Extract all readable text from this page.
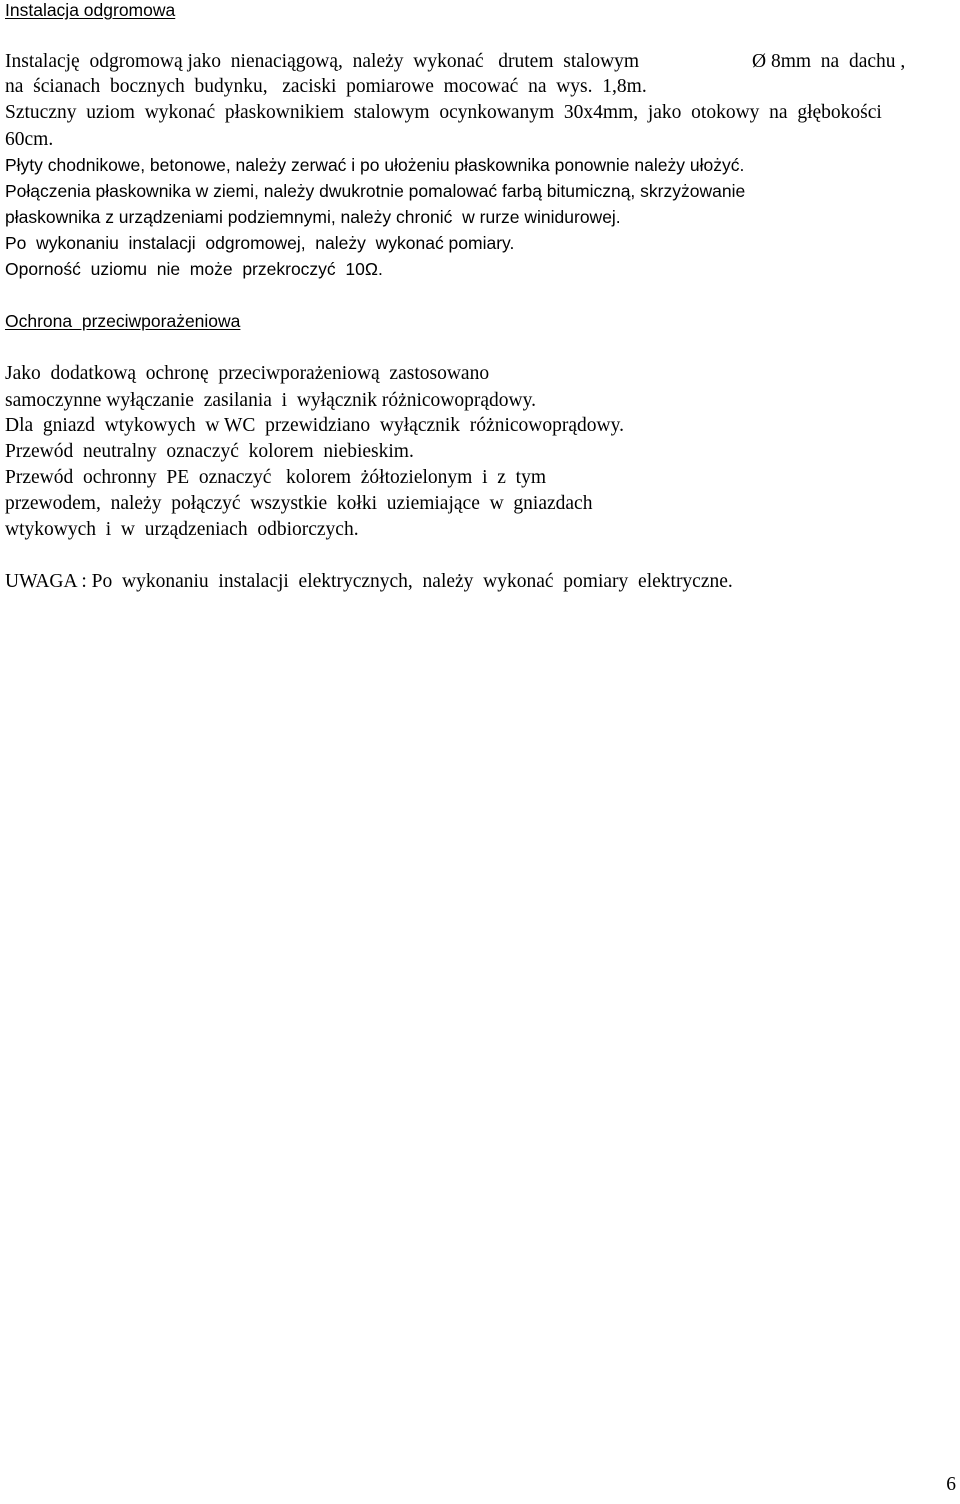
Instalacja odgromowa
Instalację  odgromową jako  nienaciągową,  należy  wykonać   drutem  stalowym	Ø 8mm  na  dachu ,
na  ścianach  bocznych  budynku,   zaciski  pomiarowe  mocować  na  wys.  1,8m.
Sztuczny  uziom  wykonać  płaskownikiem  stalowym  ocynkowanym  30x4mm,  jako  otokowy  na  głębokości
60cm.
Płyty chodnikowe, betonowe, należy zerwać i po ułożeniu płaskownika ponownie należy ułożyć.
Połączenia płaskownika w ziemi, należy dwukrotnie pomalować farbą bitumiczną, skrzyżowanie
płaskownika z urządzeniami podziemnymi, należy chronić  w rurze winidurowej.
Po  wykonaniu  instalacji  odgromowej,  należy  wykonać pomiary.
Oporność  uziomu  nie  może  przekroczyć  10Ω.
Ochrona  przeciwporażeniowa
Jako  dodatkową  ochronę  przeciwporażeniową  zastosowano
samoczynne wyłączanie  zasilania  i  wyłącznik różnicowoprądowy.
Dla  gniazd  wtykowych  w WC  przewidziano  wyłącznik  różnicowoprądowy.
Przewód  neutralny  oznaczyć  kolorem  niebieskim.
Przewód  ochronny  PE  oznaczyć   kolorem  żółtozielonym  i  z  tym
przewodem,  należy  połączyć  wszystkie  kołki  uziemiające  w  gniazdach
wtykowych  i  w  urządzeniach  odbiorczych.
UWAGA : Po  wykonaniu  instalacji  elektrycznych,  należy  wykonać  pomiary  elektryczne.
6
